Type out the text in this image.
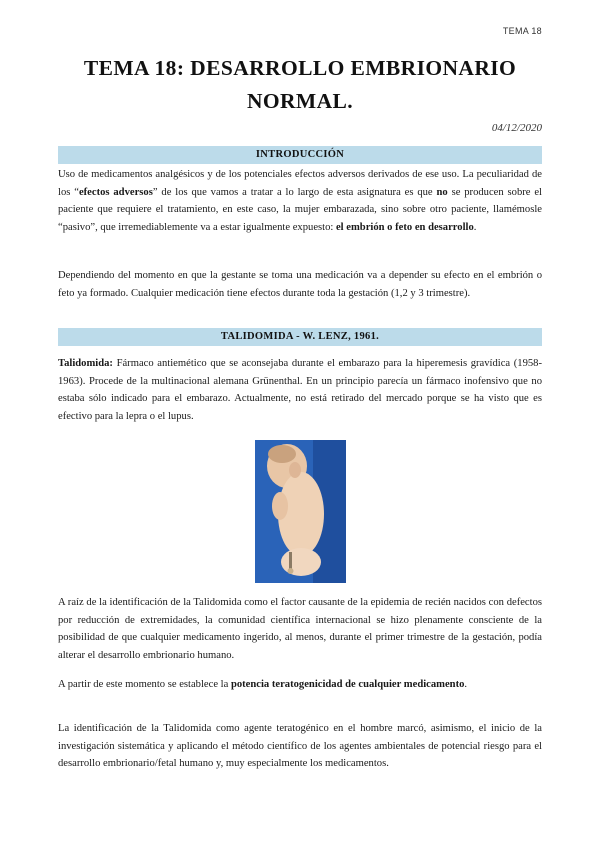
TEMA 18
TEMA 18: DESARROLLO EMBRIONARIO NORMAL.
04/12/2020
INTRODUCCIÓN
Uso de medicamentos analgésicos y de los potenciales efectos adversos derivados de ese uso. La peculiaridad de los “efectos adversos” de los que vamos a tratar a lo largo de esta asignatura es que no se producen sobre el paciente que requiere el tratamiento, en este caso, la mujer embarazada, sino sobre otro paciente, llamémosle “pasivo”, que irremediablemente va a estar igualmente expuesto: el embrión o feto en desarrollo.
Dependiendo del momento en que la gestante se toma una medicación va a depender su efecto en el embrión o feto ya formado. Cualquier medicación tiene efectos durante toda la gestación (1,2 y 3 trimestre).
TALIDOMIDA - W. LENZ, 1961.
Talidomida: Fármaco antiemético que se aconsejaba durante el embarazo para la hiperemesis gravídica (1958-1963). Procede de la multinacional alemana Grünenthal. En un principio parecía un fármaco inofensivo que no estaba sólo indicado para el embarazo. Actualmente, no está retirado del mercado porque se ha visto que es efectivo para la lepra o el lupus.
A raíz de la identificación de la Talidomida como el factor causante de la epidemia de recién nacidos con defectos por reducción de extremidades, la comunidad científica internacional se hizo plenamente consciente de la posibilidad de que cualquier medicamento ingerido, al menos, durante el primer trimestre de la gestación, podía alterar el desarrollo embrionario humano.
A partir de este momento se establece la potencia teratogenicidad de cualquier medicamento.
La identificación de la Talidomida como agente teratogénico en el hombre marcó, asimismo, el inicio de la investigación sistemática y aplicando el método científico de los agentes ambientales de potencial riesgo para el desarrollo embrionario/fetal humano y, muy especialmente los medicamentos.
